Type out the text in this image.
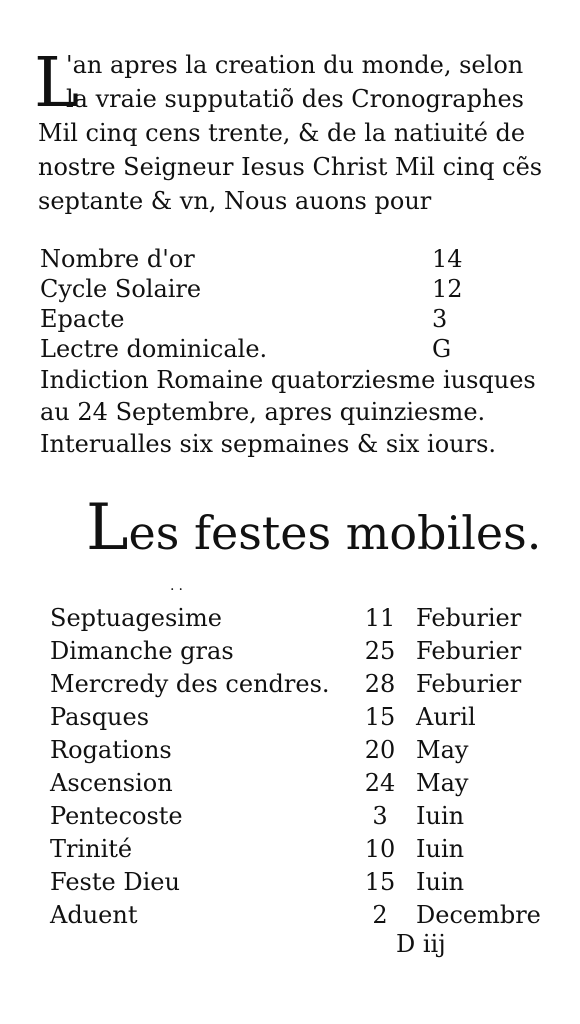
L
'an apres la creation du monde, selon
la vraie supputatiõ des Cronographes
Mil cinq cens trente, & de la natiuité de
nostre Seigneur Iesus Christ Mil cinq cẽs
septante & vn, Nous auons pour
Nombre d'or	14
Cycle Solaire	12
Epacte	3
Lectre dominicale.	G
Indiction Romaine quatorziesme iusques
au 24 Septembre, apres quinziesme.
Interualles six sepmaines & six iours.
Les festes mobiles.
..
Septuagesime	11 Feburier
Dimanche gras	25 Feburier
Mercredy des cendres. 28 Feburier
Pasques	15 Auril
Rogations	20 May
Ascension	24 May
Pentecoste	3	Iuin
Trinité	10 Iuin
Feste Dieu	15 Iuin
Aduent	2	Decembre
D iij
